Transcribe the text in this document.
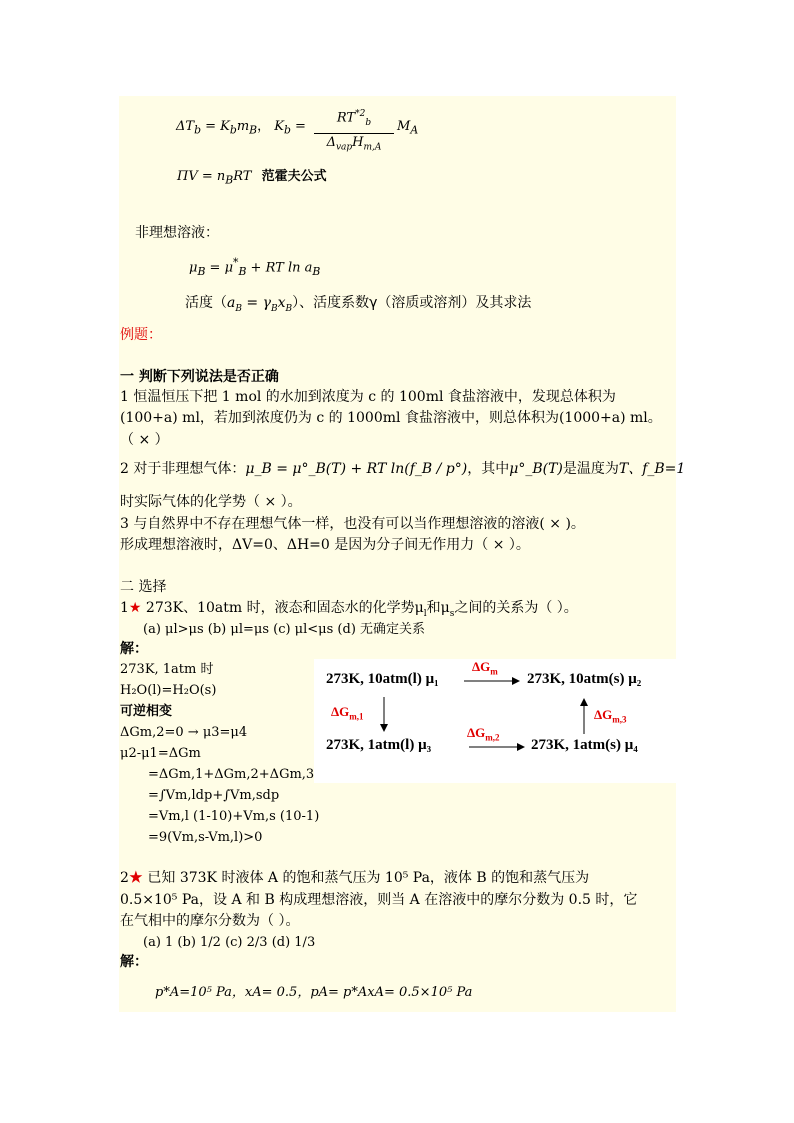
$\Delta T_b = K_bm_B$， $K_b$ =
$RT^{*2}_b$
$\Delta_{vap}H_{m,A}$
$M_A$
$\Pi V = n_BRT$ 范霍夫公式
非理想溶液：
$\mu_B = \mu^*_B$ + RT $\ln a_B$
活度$(a_B = \gamma_Bx_B)$、活度系数γ（溶质或溶剂）及其求法
例题：
一 判断下列说法是否正确
1 恒温恒压下把 1 mol 的水加到浓度为 c 的 100ml 食盐溶液中，发现总体积为
(100+a) ml，若加到浓度仍为 c 的 1000ml 食盐溶液中，则总体积为(1000+a) ml。
（ × ）
2 对于非理想气体：μ_B = μ°_B(T) + RT ln(f_B / p°)，其中μ°_B(T)是温度为T、f_B=1
时实际气体的化学势（ × ）。
3 与自然界中不存在理想气体一样，也没有可以当作理想溶液的溶液( × )。
形成理想溶液时，ΔV=0、ΔH=0 是因为分子间无作用力（ × ）。
二 选择
1★ 273K、10atm 时，液态和固态水的化学势$\mu_l$和$\mu_s$之间的关系为（ ）。
(a) μl>μs (b) μl=μs (c) μl<μs (d) 无确定关系
解：
273K, 1atm 时
H₂O(l)=H₂O(s)
可逆相变
ΔGm,2=0 → μ3=μ4
μ2-μ1=ΔGm
=ΔGm,1+ΔGm,2+ΔGm,3
=∫Vm,ldp+∫Vm,sdp
=Vm,l (1-10)+Vm,s (10-1)
=9(Vm,s-Vm,l)>0
273K, 10atm(l) μ₁	273K, 10atm(s) μ₂
273K, 1atm(l) μ₃	273K, 1atm(s) μ₄
$\Delta G_m$
$\Delta G_{m,1}$	$\Delta G_{m,3}$
$\Delta G_{m,2}$
2★ 已知 373K 时液体 A 的饱和蒸气压为 10⁵ Pa，液体 B 的饱和蒸气压为
0.5×10⁵ Pa，设 A 和 B 构成理想溶液，则当 A 在溶液中的摩尔分数为 0.5 时，它
在气相中的摩尔分数为（ ）。
(a) 1 (b) 1/2 (c) 2/3 (d) 1/3
解：
p*A=10⁵ Pa，xA= 0.5，pA= p*AxA= 0.5×10⁵ Pa
